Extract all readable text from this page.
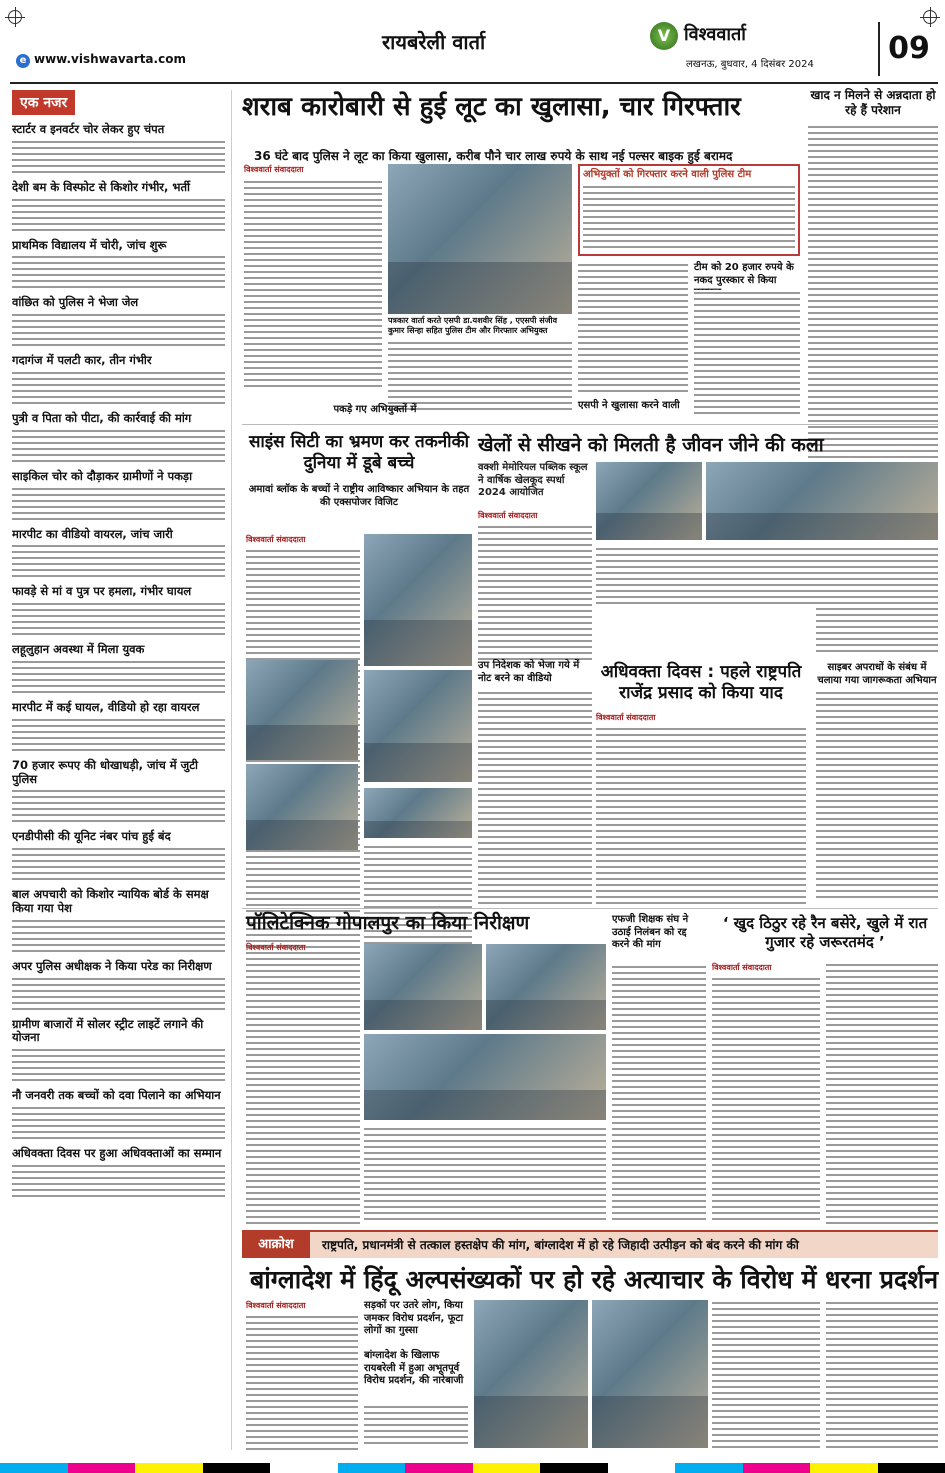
e www.vishwavarta.com
रायबरेली वार्ता	V विश्ववार्ता
लखनऊ, बुधवार, 4 दिसंबर 2024	09
एक नजर
स्टार्टर व इनवर्टर चोर लेकर हुए चंपत
देशी बम के विस्फोट से किशोर गंभीर, भर्ती
प्राथमिक विद्यालय में चोरी, जांच शुरू
वांछित को पुलिस ने भेजा जेल
गदागंज में पलटी कार, तीन गंभीर
पुत्री व पिता को पीटा, की कार्रवाई की मांग
साइकिल चोर को दौड़ाकर ग्रामीणों ने पकड़ा
मारपीट का वीडियो वायरल, जांच जारी
फावड़े से मां व पुत्र पर हमला, गंभीर घायल
लहूलुहान अवस्था में मिला युवक
मारपीट में कई घायल, वीडियो हो रहा वायरल
70 हजार रूपए की धोखाधड़ी, जांच में जुटी पुलिस
एनडीपीसी की यूनिट नंबर पांच हुई बंद
बाल अपचारी को किशोर न्यायिक बोर्ड के समक्ष किया गया पेश
अपर पुलिस अधीक्षक ने किया परेड का निरीक्षण
ग्रामीण बाजारों में सोलर स्ट्रीट लाइटें लगाने की योजना
नौ जनवरी तक बच्चों को दवा पिलाने का अभियान
अधिवक्ता दिवस पर हुआ अधिवक्ताओं का सम्मान
शराब कारोबारी से हुई लूट का खुलासा, चार गिरफ्तार
36 घंटे बाद पुलिस ने लूट का किया खुलासा, करीब पौने चार लाख रुपये के साथ नई पल्सर बाइक हुई बरामद
विश्ववार्ता संवाददाता
पत्रकार वार्ता करते एसपी डा.यशवीर सिंह , एएसपी संजीव कुमार सिन्हा सहित पुलिस टीम और गिरफ्तार अभियुक्त
पकड़े गए अभियुक्तों में
अभियुक्तों को गिरफ्तार करने वाली पुलिस टीम
टीम को 20 हजार रुपये के नकद पुरस्कार से किया
एसपी ने खुलासा करने वाली
खाद न मिलने से अन्नदाता हो रहे हैं परेशान
साइंस सिटी का भ्रमण कर तकनीकी दुनिया में डूबे बच्चे
अमावां ब्लॉक के बच्चों ने राष्ट्रीय आविष्कार अभियान के तहत की एक्सपोजर विजिट
विश्ववार्ता संवाददाता
खेलों से सीखने को मिलती है जीवन जीने की कला
वक्शी मेमोरियल पब्लिक स्कूल ने वार्षिक खेलकूद स्पर्धा 2024 आयोजित
विश्ववार्ता संवाददाता
उप निदेशक को भेजा गये में नोट बरने का वीडियो	अधिवक्ता दिवस : पहले राष्ट्रपति राजेंद्र प्रसाद को किया याद
विश्ववार्ता संवाददाता
साइबर अपराधों के संबंध में चलाया गया जागरूकता अभियान
पॉलिटेक्निक गोपालपुर का किया निरीक्षण
विश्ववार्ता संवाददाता
एफजी शिक्षक संघ ने उठाई निलंबन को रद्द करने की मांग
‘ खुद ठिठुर रहे रैन बसेरे, खुले में रात गुजार रहे जरूरतमंद ’
विश्ववार्ता संवाददाता
आक्रोश	राष्ट्रपति, प्रधानमंत्री से तत्काल हस्तक्षेप की मांग, बांग्लादेश में हो रहे जिहादी उत्पीड़न को बंद करने की मांग की
बांग्लादेश में हिंदू अल्पसंख्यकों पर हो रहे अत्याचार के विरोध में धरना प्रदर्शन
विश्ववार्ता संवाददाता	सड़कों पर उतरे लोग, किया जमकर विरोध प्रदर्शन, फूटा लोगों का गुस्सा
बांग्लादेश के खिलाफ रायबरेली में हुआ अभूतपूर्व विरोध प्रदर्शन, की नारेबाजी
